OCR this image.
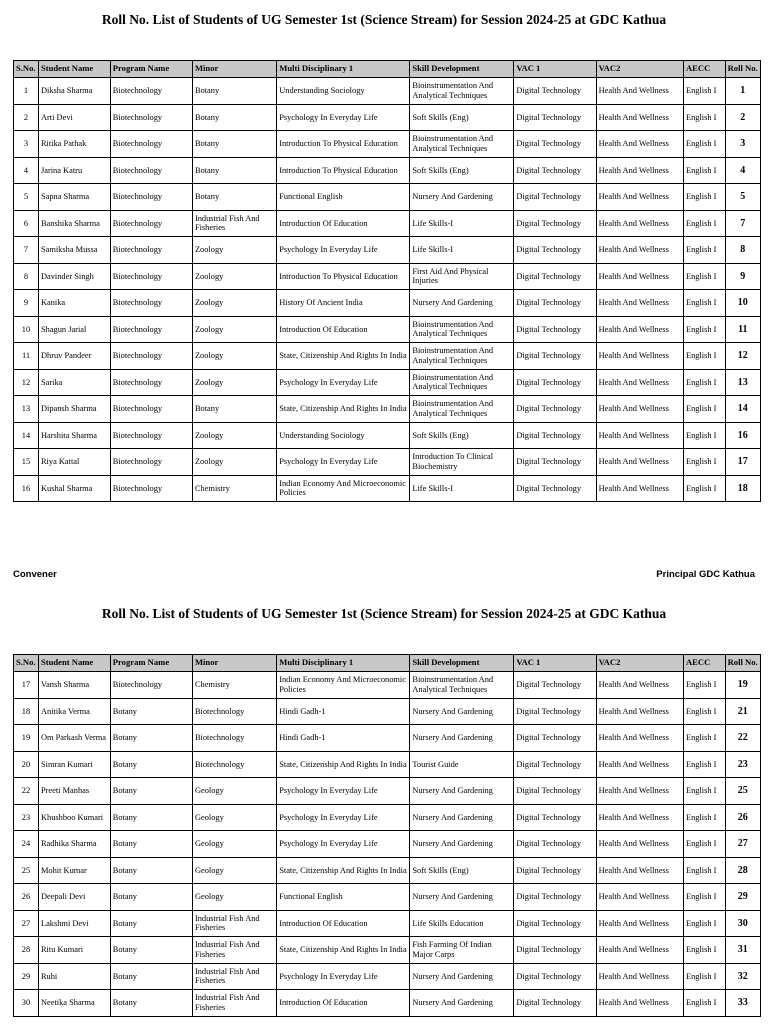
Roll No. List of Students of UG Semester 1st (Science Stream) for Session 2024-25 at GDC Kathua
S.No.	Student Name	Program Name	Minor	Multi Disciplinary 1	Skill Development	VAC 1	VAC2	AECC	Roll No.
1	Diksha Sharma	Biotechnology	Botany	Understanding Sociology	Bioinstrumentation And Analytical Techniques	Digital Technology	Health And Wellness	English I	1
2	Arti Devi	Biotechnology	Botany	Psychology In Everyday Life	Soft Skills (Eng)	Digital Technology	Health And Wellness	English I	2
3	Ritika Pathak	Biotechnology	Botany	Introduction To Physical Education	Bioinstrumentation And Analytical Techniques	Digital Technology	Health And Wellness	English I	3
4	Jarina Katru	Biotechnology	Botany	Introduction To Physical Education	Soft Skills (Eng)	Digital Technology	Health And Wellness	English I	4
5	Sapna Sharma	Biotechnology	Botany	Functional English	Nursery And Gardening	Digital Technology	Health And Wellness	English I	5
6	Banshika Sharma	Biotechnology	Industrial Fish And Fisheries	Introduction Of Education	Life Skills-I	Digital Technology	Health And Wellness	English I	7
7	Samiksha Mussa	Biotechnology	Zoology	Psychology In Everyday Life	Life Skills-I	Digital Technology	Health And Wellness	English I	8
8	Davinder Singh	Biotechnology	Zoology	Introduction To Physical Education	First Aid And Physical Injuries	Digital Technology	Health And Wellness	English I	9
9	Kanika	Biotechnology	Zoology	History Of Ancient India	Nursery And Gardening	Digital Technology	Health And Wellness	English I	10
10	Shagun Jarial	Biotechnology	Zoology	Introduction Of Education	Bioinstrumentation And Analytical Techniques	Digital Technology	Health And Wellness	English I	11
11	Dhruv Pandeer	Biotechnology	Zoology	State, Citizenship And Rights In India	Bioinstrumentation And Analytical Techniques	Digital Technology	Health And Wellness	English I	12
12	Sarika	Biotechnology	Zoology	Psychology In Everyday Life	Bioinstrumentation And Analytical Techniques	Digital Technology	Health And Wellness	English I	13
13	Dipansh Sharma	Biotechnology	Botany	State, Citizenship And Rights In India	Bioinstrumentation And Analytical Techniques	Digital Technology	Health And Wellness	English I	14
14	Harshita Sharma	Biotechnology	Zoology	Understanding Sociology	Soft Skills (Eng)	Digital Technology	Health And Wellness	English I	16
15	Riya Kattal	Biotechnology	Zoology	Psychology In Everyday Life	Introduction To Clinical Biochemistry	Digital Technology	Health And Wellness	English I	17
16	Kushal Sharma	Biotechnology	Chemistry	Indian Economy And Microeconomic Policies	Life Skills-I	Digital Technology	Health And Wellness	English I	18
Convener	Principal GDC Kathua
Roll No. List of Students of UG Semester 1st (Science Stream) for Session 2024-25 at GDC Kathua
S.No.	Student Name	Program Name	Minor	Multi Disciplinary 1	Skill Development	VAC 1	VAC2	AECC	Roll No.
17	Vansh Sharma	Biotechnology	Chemistry	Indian Economy And Microeconomic Policies	Bioinstrumentation And Analytical Techniques	Digital Technology	Health And Wellness	English I	19
18	Anitika Verma	Botany	Biotechnology	Hindi Gadh-1	Nursery And Gardening	Digital Technology	Health And Wellness	English I	21
19	Om Parkash Verma	Botany	Biotechnology	Hindi Gadh-1	Nursery And Gardening	Digital Technology	Health And Wellness	English I	22
20	Simran Kumari	Botany	Biotechnology	State, Citizenship And Rights In India	Tourist Guide	Digital Technology	Health And Wellness	English I	23
22	Preeti Manhas	Botany	Geology	Psychology In Everyday Life	Nursery And Gardening	Digital Technology	Health And Wellness	English I	25
23	Khushboo Kumari	Botany	Geology	Psychology In Everyday Life	Nursery And Gardening	Digital Technology	Health And Wellness	English I	26
24	Radhika Sharma	Botany	Geology	Psychology In Everyday Life	Nursery And Gardening	Digital Technology	Health And Wellness	English I	27
25	Mohit Kumar	Botany	Geology	State, Citizenship And Rights In India	Soft Skills (Eng)	Digital Technology	Health And Wellness	English I	28
26	Deepali Devi	Botany	Geology	Functional English	Nursery And Gardening	Digital Technology	Health And Wellness	English I	29
27	Lakshmi Devi	Botany	Industrial Fish And Fisheries	Introduction Of Education	Life Skills Education	Digital Technology	Health And Wellness	English I	30
28	Ritu Kumari	Botany	Industrial Fish And Fisheries	State, Citizenship And Rights In India	Fish Farming Of Indian Major Carps	Digital Technology	Health And Wellness	English I	31
29	Ruhi	Botany	Industrial Fish And Fisheries	Psychology In Everyday Life	Nursery And Gardening	Digital Technology	Health And Wellness	English I	32
30	Neetika Sharma	Botany	Industrial Fish And Fisheries	Introduction Of Education	Nursery And Gardening	Digital Technology	Health And Wellness	English I	33
